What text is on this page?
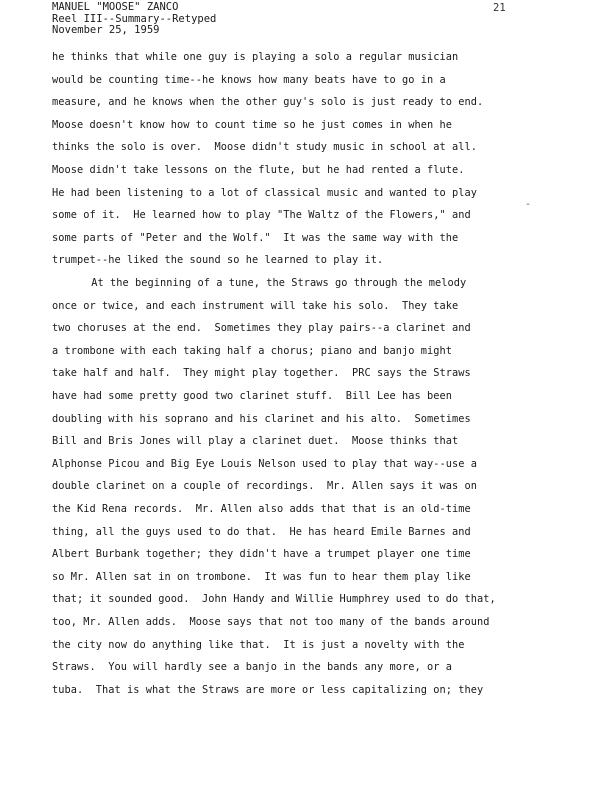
MANUEL "MOOSE" ZANCO
Reel III--Summary--Retyped
November 25, 1959
21
-
he thinks that while one guy is playing a solo a regular musician
would be counting time--he knows how many beats have to go in a
measure, and he knows when the other guy's solo is just ready to end.
Moose doesn't know how to count time so he just comes in when he
thinks the solo is over.  Moose didn't study music in school at all.
Moose didn't take lessons on the flute, but he had rented a flute.
He had been listening to a lot of classical music and wanted to play
some of it.  He learned how to play "The Waltz of the Flowers," and
some parts of "Peter and the Wolf."  It was the same way with the
trumpet--he liked the sound so he learned to play it.
At the beginning of a tune, the Straws go through the melody
once or twice, and each instrument will take his solo.  They take
two choruses at the end.  Sometimes they play pairs--a clarinet and
a trombone with each taking half a chorus; piano and banjo might
take half and half.  They might play together.  PRC says the Straws
have had some pretty good two clarinet stuff.  Bill Lee has been
doubling with his soprano and his clarinet and his alto.  Sometimes
Bill and Bris Jones will play a clarinet duet.  Moose thinks that
Alphonse Picou and Big Eye Louis Nelson used to play that way--use a
double clarinet on a couple of recordings.  Mr. Allen says it was on
the Kid Rena records.  Mr. Allen also adds that that is an old-time
thing, all the guys used to do that.  He has heard Emile Barnes and
Albert Burbank together; they didn't have a trumpet player one time
so Mr. Allen sat in on trombone.  It was fun to hear them play like
that; it sounded good.  John Handy and Willie Humphrey used to do that,
too, Mr. Allen adds.  Moose says that not too many of the bands around
the city now do anything like that.  It is just a novelty with the
Straws.  You will hardly see a banjo in the bands any more, or a
tuba.  That is what the Straws are more or less capitalizing on; they
